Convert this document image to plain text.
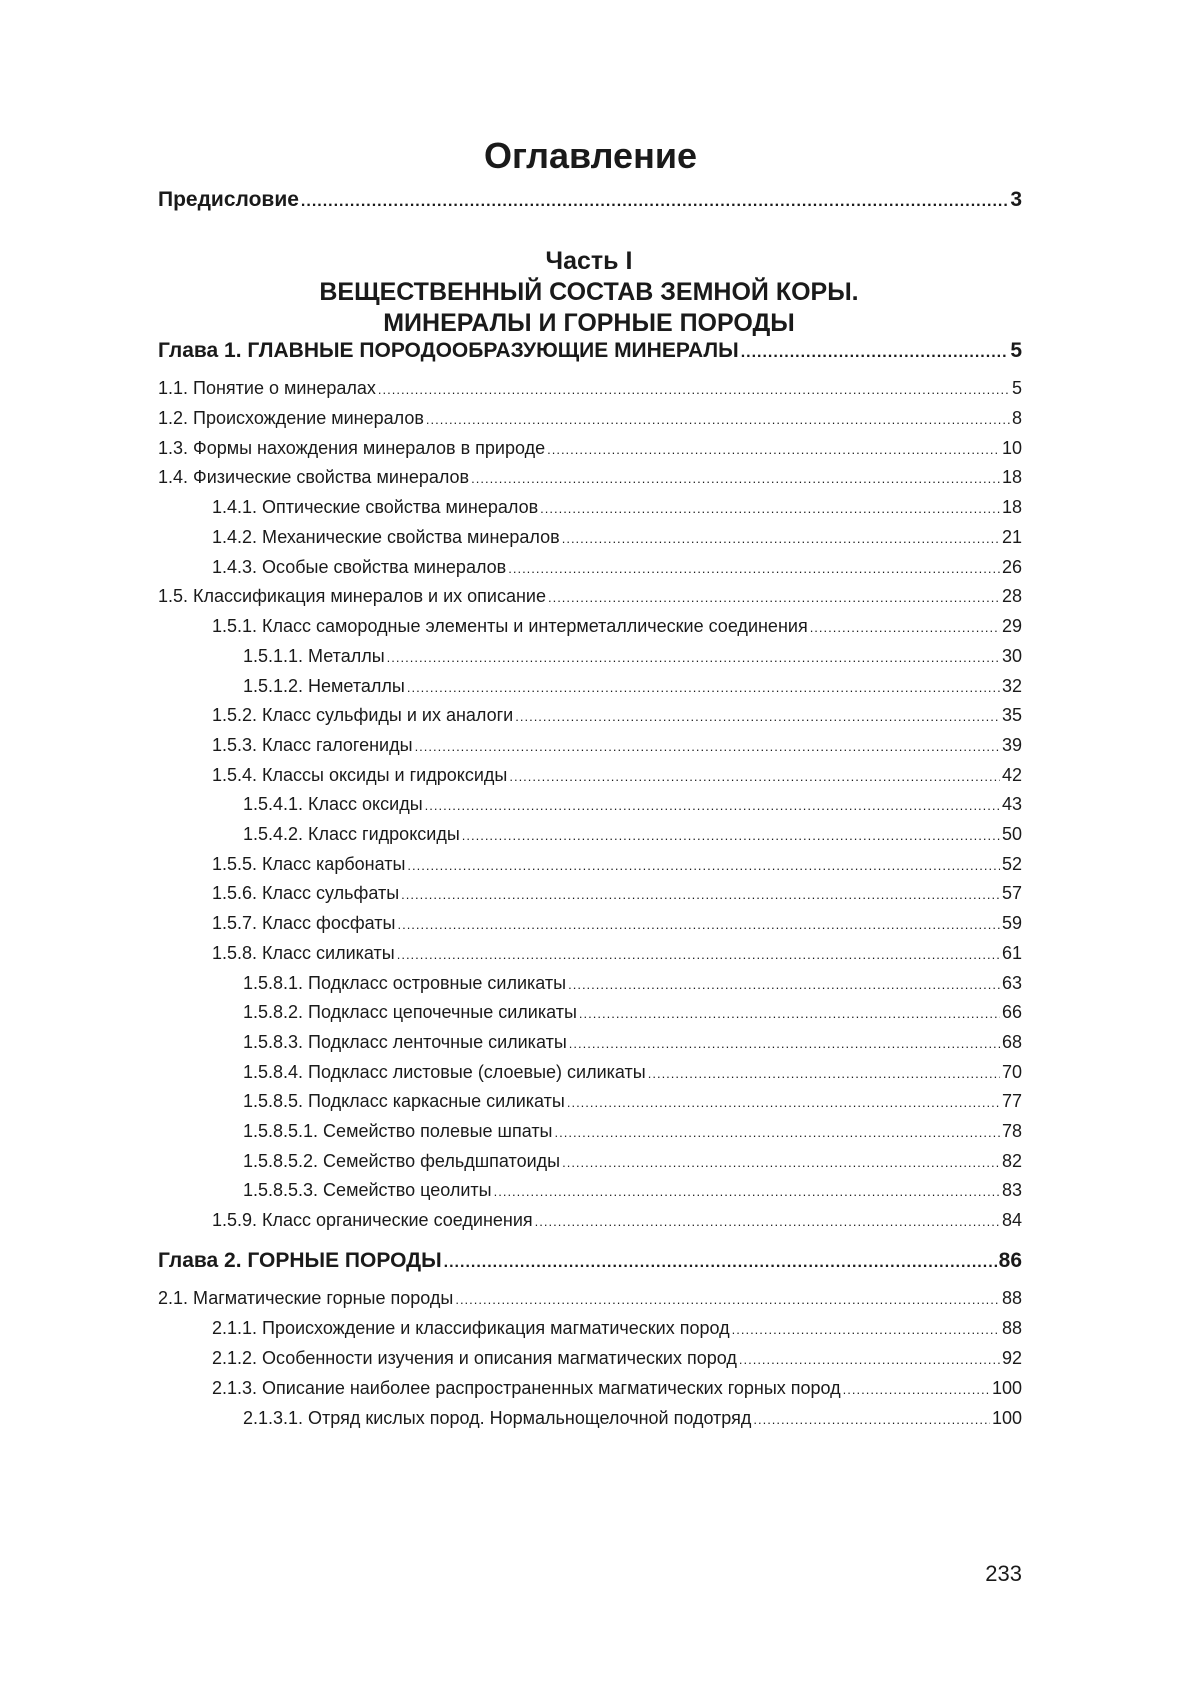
Оглавление
Предисловие .....	3
Часть I
ВЕЩЕСТВЕННЫЙ СОСТАВ ЗЕМНОЙ КОРЫ.
МИНЕРАЛЫ И ГОРНЫЕ ПОРОДЫ
Глава 1. ГЛАВНЫЕ ПОРОДООБРАЗУЮЩИЕ МИНЕРАЛЫ .....	5
1.1. Понятие о минералах .....	5
1.2. Происхождение минералов .....	8
1.3. Формы нахождения минералов в природе .....	10
1.4. Физические свойства минералов .....	18
1.4.1. Оптические свойства минералов .....	18
1.4.2. Механические свойства минералов .....	21
1.4.3. Особые свойства минералов .....	26
1.5. Классификация минералов и их описание .....	28
1.5.1. Класс самородные элементы и интерметаллические соединения .....	29
1.5.1.1. Металлы .....	30
1.5.1.2. Неметаллы .....	32
1.5.2. Класс сульфиды и их аналоги .....	35
1.5.3. Класс галогениды .....	39
1.5.4. Классы оксиды и гидроксиды .....	42
1.5.4.1. Класс оксиды .....	43
1.5.4.2. Класс гидроксиды .....	50
1.5.5. Класс карбонаты .....	52
1.5.6. Класс сульфаты .....	57
1.5.7. Класс фосфаты .....	59
1.5.8. Класс силикаты .....	61
1.5.8.1. Подкласс островные силикаты .....	63
1.5.8.2. Подкласс цепочечные силикаты .....	66
1.5.8.3. Подкласс ленточные силикаты .....	68
1.5.8.4. Подкласс листовые (слоевые) силикаты .....	70
1.5.8.5. Подкласс каркасные силикаты .....	77
1.5.8.5.1. Семейство полевые шпаты .....	78
1.5.8.5.2. Семейство фельдшпатоиды .....	82
1.5.8.5.3. Семейство цеолиты .....	83
1.5.9. Класс органические соединения .....	84
Глава 2. ГОРНЫЕ ПОРОДЫ .....	86
2.1. Магматические горные породы .....	88
2.1.1. Происхождение и классификация магматических пород .....	88
2.1.2. Особенности изучения и описания магматических пород .....	92
2.1.3. Описание наиболее распространенных магматических горных пород .....	100
2.1.3.1. Отряд кислых пород. Нормальнощелочной подотряд .....	100
233
